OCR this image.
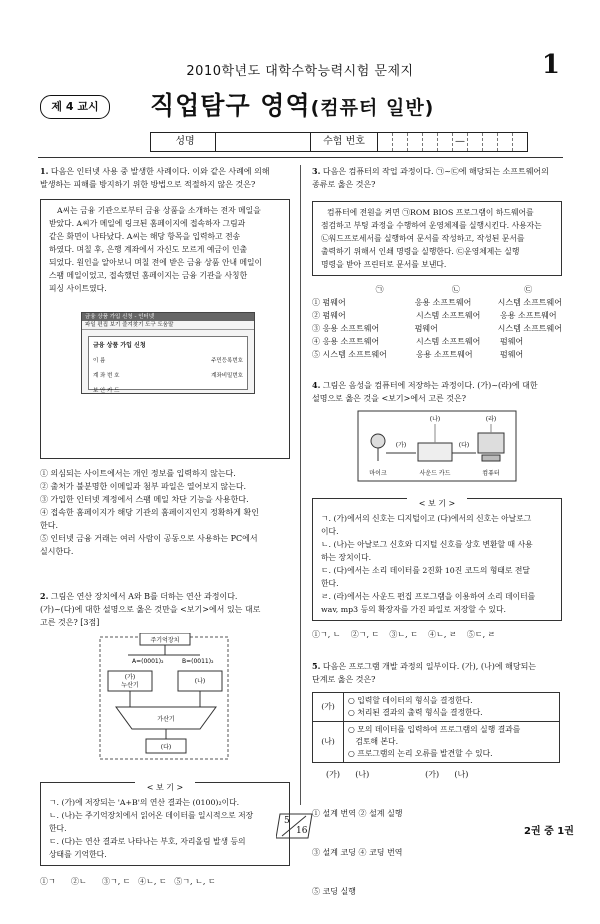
2010학년도 대학수학능력시험 문제지	1
제 4 교시	직업탐구 영역(컴퓨터 일반)
성명	수험 번호	—
1. 다음은 인터넷 사용 중 발생한 사례이다. 이와 같은 사례에 의해
발생하는 피해를 방지하기 위한 방법으로 적절하지 않은 것은?
A씨는 금융 기관으로부터 금융 상품을 소개하는 전자 메일을
받았다. A씨가 메일에 링크된 홈페이지에 접속하자 그림과
같은 화면이 나타났다. A씨는 해당 항목을 입력하고 전송
하였다. 며칠 후, 은행 계좌에서 자신도 모르게 예금이 인출
되었다. 원인을 알아보니 며칠 전에 받은 금융 상품 안내 메일이
스팸 메일이었고, 접속했던 홈페이지는 금융 기관을 사칭한
피싱 사이트였다.
금융 상품 가입 신청 - 인터넷
파일 편집 보기 즐겨찾기 도구 도움말
금융 상품 가입 신청
이 름	주민등록번호
계 좌 번 호	계좌비밀번호
보 안 카 드
① 의심되는 사이트에서는 개인 정보를 입력하지 않는다.
② 출처가 불분명한 이메일과 첨부 파일은 열어보지 않는다.
③ 가입한 인터넷 계정에서 스팸 메일 차단 기능을 사용한다.
④ 접속한 홈페이지가 해당 기관의 홈페이지인지 정확하게 확인
한다.
⑤ 인터넷 금융 거래는 여러 사람이 공동으로 사용하는 PC에서
실시한다.
2. 그림은 연산 장치에서 A와 B를 더하는 연산 과정이다.
(가)~(다)에 대한 설명으로 옳은 것만을 <보기>에서 있는 대로
고른 것은? [3점]
주기억장치
A=(0001)₂	B=(0011)₂
(가)
누산기
(나)
가산기
(다)
< 보 기 >
ㄱ. (가)에 저장되는 'A+B'의 연산 결과는 (0100)₂이다.
ㄴ. (나)는 주기억장치에서 읽어온 데이터를 일시적으로 저장
한다.
ㄷ. (다)는 연산 결과로 나타나는 부호, 자리올림 발생 등의
상태를 기억한다.
①ㄱ      ②ㄴ      ③ㄱ, ㄷ   ④ㄴ, ㄷ   ⑤ㄱ, ㄴ, ㄷ
3. 다음은 컴퓨터의 작업 과정이다. ㉠~㉢에 해당되는 소프트웨어의
종류로 옳은 것은?
컴퓨터에 전원을 켜면 ㉠ROM BIOS 프로그램이 하드웨어를
점검하고 부팅 과정을 수행하여 운영체제를 실행시킨다. 사용자는
㉡워드프로세서를 실행하여 문서를 작성하고, 작성된 문서를
출력하기 위해서 인쇄 명령을 실행한다. ㉢운영체제는 실행
명령을 받아 프린터로 문서를 보낸다.
㉠	㉡	㉢
① 펌웨어	응용 소프트웨어	시스템 소프트웨어
② 펌웨어	시스템 소프트웨어	응용 소프트웨어
③ 응용 소프트웨어	펌웨어	시스템 소프트웨어
④ 응용 소프트웨어	시스템 소프트웨어	펌웨어
⑤ 시스템 소프트웨어	응용 소프트웨어	펌웨어
4. 그림은 음성을 컴퓨터에 저장하는 과정이다. (가)~(라)에 대한
설명으로 옳은 것을 <보기>에서 고른 것은?
마이크
(가)
(나)
사운드 카드
(다)
(라)
컴퓨터
< 보 기 >
ㄱ. (가)에서의 신호는 디지털이고 (다)에서의 신호는 아날로그
이다.
ㄴ. (나)는 아날로그 신호와 디지털 신호를 상호 변환할 때 사용
하는 장치이다.
ㄷ. (다)에서는 소리 데이터를 2진화 10진 코드의 형태로 전달
한다.
ㄹ. (라)에서는 사운드 편집 프로그램을 이용하여 소리 데이터를
wav, mp3 등의 확장자를 가진 파일로 저장할 수 있다.
①ㄱ, ㄴ    ②ㄱ, ㄷ    ③ㄴ, ㄷ    ④ㄴ, ㄹ    ⑤ㄷ, ㄹ
5. 다음은 프로그램 개발 과정의 일부이다. (가), (나)에 해당되는
단계로 옳은 것은?
(가)	○ 입력할 데이터의 형식을 결정한다.
○ 처리된 결과의 출력 형식을 결정한다.

(나)	○ 모의 데이터를 입력하여 프로그램의 실행 결과를
검토해 본다.
○ 프로그램의 논리 오류를 발견할 수 있다.
(가)      (나)                      (가)      (나)

① 설계 번역 ② 설계 실행

③ 설계 코딩 ④ 코딩 번역

⑤ 코딩 실행

5
16	2권 중 1권
